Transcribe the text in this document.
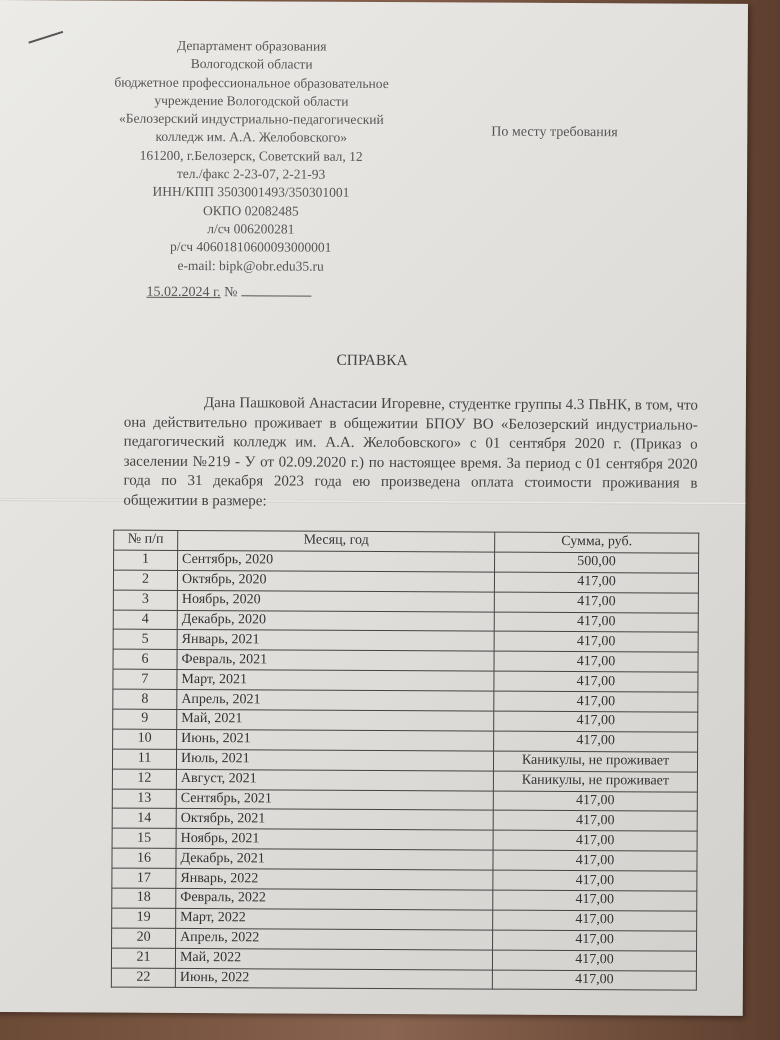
Департамент образования
Вологодской области
бюджетное профессиональное образовательное
учреждение Вологодской области
«Белозерский индустриально-педагогический
колледж им. А.А. Желобовского»
161200, г.Белозерск, Советский вал, 12
тел./факс 2-23-07, 2-21-93
ИНН/КПП 3503001493/350301001
ОКПО 02082485
л/сч 006200281
р/сч 40601810600093000001
e-mail: bipk@obr.edu35.ru
По месту требования
15.02.2024 г. №
СПРАВКА
Дана Пашковой Анастасии Игоревне, студентке группы 4.3 ПвНК, в том, что она действительно проживает в общежитии БПОУ ВО «Белозерский индустриально-педагогический колледж им. А.А. Желобовского» с 01 сентября 2020 г. (Приказ о заселении №219 - У от 02.09.2020 г.) по настоящее время. За период с 01 сентября 2020 года по 31 декабря 2023 года ею произведена оплата стоимости проживания в общежитии в размере:
№ п/п	Месяц, год	Сумма, руб.
1	Сентябрь, 2020	500,00
2	Октябрь, 2020	417,00
3	Ноябрь, 2020	417,00
4	Декабрь, 2020	417,00
5	Январь, 2021	417,00
6	Февраль, 2021	417,00
7	Март, 2021	417,00
8	Апрель, 2021	417,00
9	Май, 2021	417,00
10	Июнь, 2021	417,00
11	Июль, 2021	Каникулы, не проживает
12	Август, 2021	Каникулы, не проживает
13	Сентябрь, 2021	417,00
14	Октябрь, 2021	417,00
15	Ноябрь, 2021	417,00
16	Декабрь, 2021	417,00
17	Январь, 2022	417,00
18	Февраль, 2022	417,00
19	Март, 2022	417,00
20	Апрель, 2022	417,00
21	Май, 2022	417,00
22	Июнь, 2022	417,00
